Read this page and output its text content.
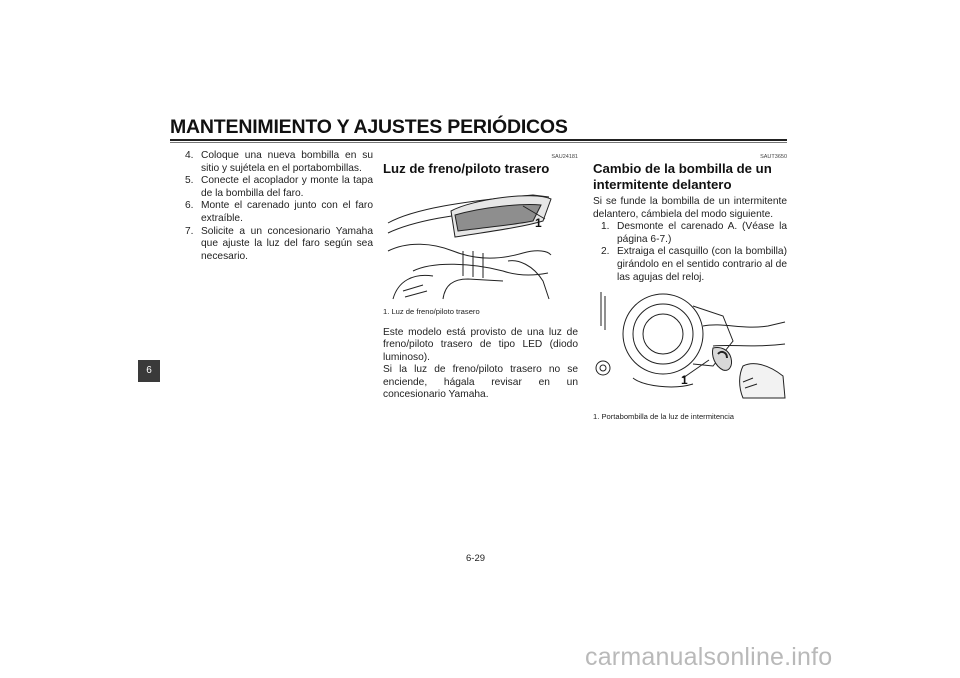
MANTENIMIENTO Y AJUSTES PERIÓDICOS
6
4. Coloque una nueva bombilla en su sitio y sujétela en el portabombillas.
5. Conecte el acoplador y monte la tapa de la bombilla del faro.
6. Monte el carenado junto con el faro extraíble.
7. Solicite a un concesionario Yamaha que ajuste la luz del faro según sea necesario.
SAU24181
Luz de freno/piloto trasero
1
1. Luz de freno/piloto trasero

Este modelo está provisto de una luz de freno/piloto trasero de tipo LED (diodo luminoso).

Si la luz de freno/piloto trasero no se enciende, hágala revisar en un concesionario Yamaha.

SAUT3650
Cambio de la bombilla de un intermitente delantero

Si se funde la bombilla de un intermitente delantero, cámbiela del modo siguiente.

1. Desmonte el carenado A. (Véase la página 6-7.)
2. Extraiga el casquillo (con la bombilla) girándolo en el sentido contrario al de las agujas del reloj.
1
1. Portabombilla de la luz de intermitencia
6-29
carmanualsonline.info
